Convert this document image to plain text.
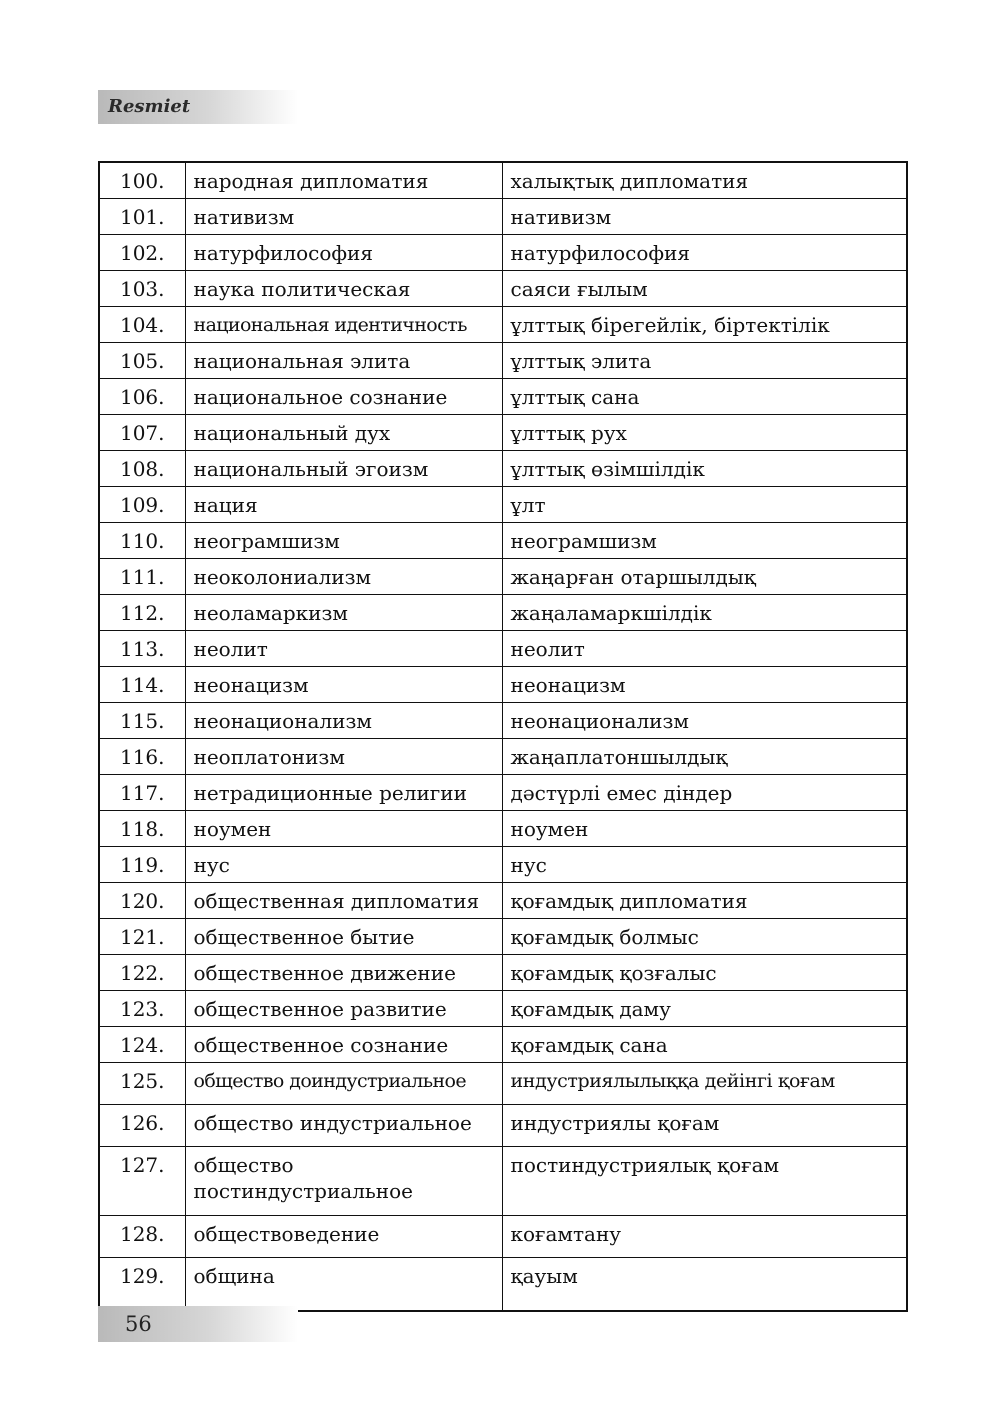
Resmiet
100.	народная дипломатия	халықтық дипломатия
101.	нативизм	нативизм
102.	натурфилософия	натурфилософия
103.	наука политическая	саяси ғылым
104.	национальная идентичность	ұлттық бірегейлік, біртектілік
105.	национальная элита	ұлттық элита
106.	национальное сознание	ұлттық сана
107.	национальный дух	ұлттық рух
108.	национальный эгоизм	ұлттық өзімшілдік
109.	нация	ұлт
110.	неограмшизм	неограмшизм
111.	неоколониализм	жаңарған отаршылдық
112.	неоламаркизм	жаңаламаркшілдік
113.	неолит	неолит
114.	неонацизм	неонацизм
115.	неонационализм	неонационализм
116.	неоплатонизм	жаңаплатоншылдық
117.	нетрадиционные религии	дәстүрлі емес діндер
118.	ноумен	ноумен
119.	нус	нус
120.	общественная дипломатия	қоғамдық дипломатия
121.	общественное бытие	қоғамдық болмыс
122.	общественное движение	қоғамдық қозғалыс
123.	общественное развитие	қоғамдық даму
124.	общественное сознание	қоғамдық сана
125.	общество доиндустриальное	индустриялылыққа дейінгі қоғам
126.	общество индустриальное	индустриялы қоғам
127.	общество
постиндустриальное	постиндустриялық қоғам
128.	обществоведение	коғамтану
129.	община	қауым
56
